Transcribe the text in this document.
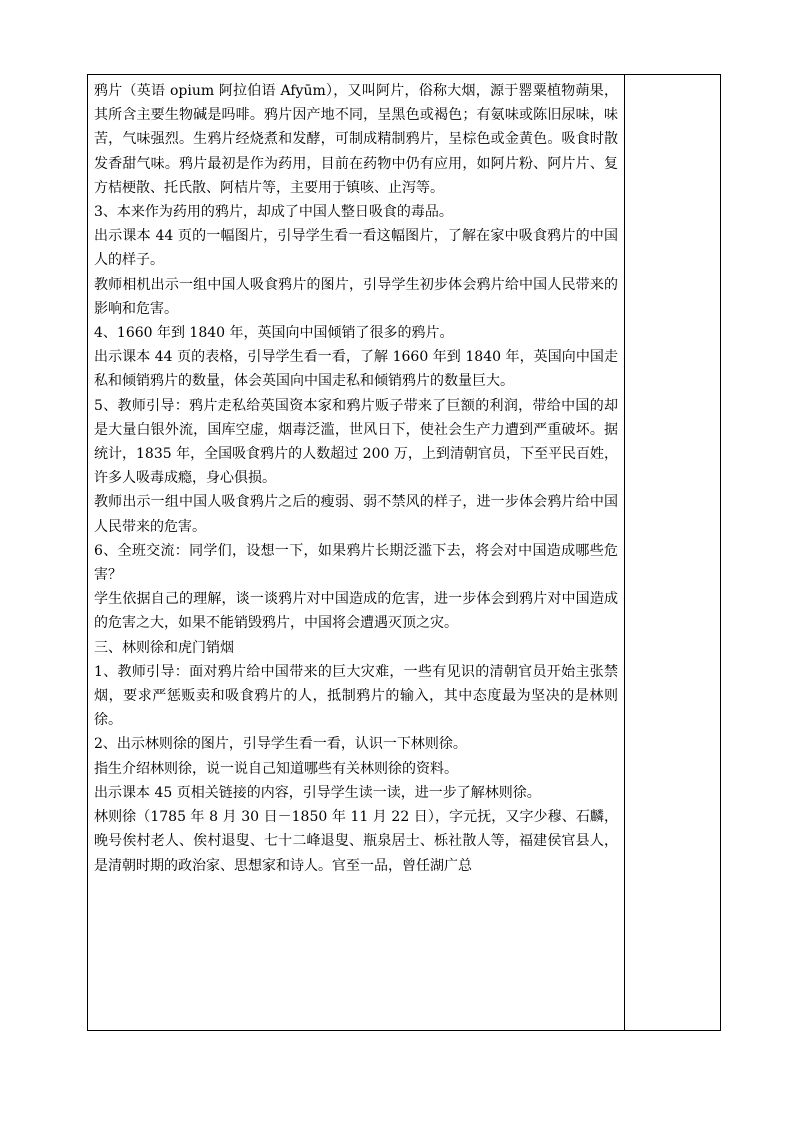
鸦片（英语 opium 阿拉伯语 Afyūm），又叫阿片，俗称大烟，源于罂粟植物蒴果，其所含主要生物碱是吗啡。鸦片因产地不同，呈黑色或褐色；有氨味或陈旧尿味，味苦，气味强烈。生鸦片经烧煮和发酵，可制成精制鸦片，呈棕色或金黄色。吸食时散发香甜气味。鸦片最初是作为药用，目前在药物中仍有应用，如阿片粉、阿片片、复方桔梗散、托氏散、阿桔片等，主要用于镇咳、止泻等。

3、本来作为药用的鸦片，却成了中国人整日吸食的毒品。

出示课本 44 页的一幅图片，引导学生看一看这幅图片，了解在家中吸食鸦片的中国人的样子。

教师相机出示一组中国人吸食鸦片的图片，引导学生初步体会鸦片给中国人民带来的影响和危害。

4、1660 年到 1840 年，英国向中国倾销了很多的鸦片。

出示课本 44 页的表格，引导学生看一看，了解 1660 年到 1840 年，英国向中国走私和倾销鸦片的数量，体会英国向中国走私和倾销鸦片的数量巨大。

5、教师引导：鸦片走私给英国资本家和鸦片贩子带来了巨额的利润，带给中国的却是大量白银外流，国库空虚，烟毒泛滥，世风日下，使社会生产力遭到严重破坏。据统计，1835 年，全国吸食鸦片的人数超过 200 万，上到清朝官员，下至平民百姓，许多人吸毒成瘾，身心俱损。

教师出示一组中国人吸食鸦片之后的瘦弱、弱不禁风的样子，进一步体会鸦片给中国人民带来的危害。

6、全班交流：同学们，设想一下，如果鸦片长期泛滥下去，将会对中国造成哪些危害？

学生依据自己的理解，谈一谈鸦片对中国造成的危害，进一步体会到鸦片对中国造成的危害之大，如果不能销毁鸦片，中国将会遭遇灭顶之灾。

三、林则徐和虎门销烟

1、教师引导：面对鸦片给中国带来的巨大灾难，一些有见识的清朝官员开始主张禁烟，要求严惩贩卖和吸食鸦片的人，抵制鸦片的输入，其中态度最为坚决的是林则徐。

2、出示林则徐的图片，引导学生看一看，认识一下林则徐。

指生介绍林则徐，说一说自己知道哪些有关林则徐的资料。

出示课本 45 页相关链接的内容，引导学生读一读，进一步了解林则徐。

林则徐（1785 年 8 月 30 日－1850 年 11 月 22 日），字元抚，又字少穆、石麟，晚号俟村老人、俟村退叟、七十二峰退叟、瓶泉居士、栎社散人等，福建侯官县人，是清朝时期的政治家、思想家和诗人。官至一品，曾任湖广总
